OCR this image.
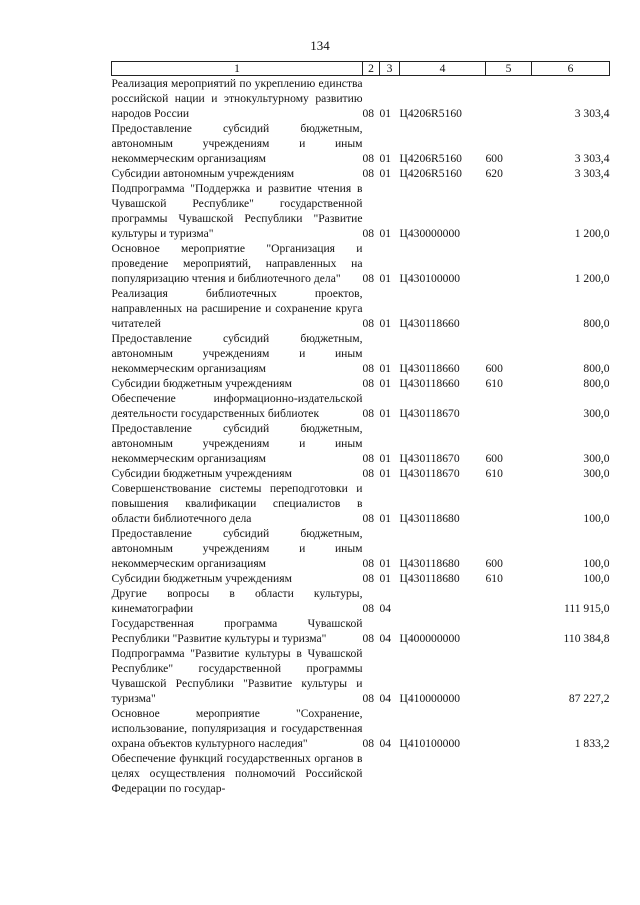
134
1	2	3	4	5	6
Реализация мероприятий по укреплению единства российской нации и этнокультурному развитию народов России	08	01	Ц4206R5160		3 303,4
Предоставление субсидий бюджетным, автономным учреждениям и иным некоммерческим организациям	08	01	Ц4206R5160	600	3 303,4
Субсидии автономным учреждениям	08	01	Ц4206R5160	620	3 303,4
Подпрограмма "Поддержка и развитие чтения в Чувашской Республике" государственной программы Чувашской Республики "Развитие культуры и туризма"	08	01	Ц430000000		1 200,0
Основное мероприятие "Организация и проведение мероприятий, направленных на популяризацию чтения и библиотечного дела"	08	01	Ц430100000		1 200,0
Реализация библиотечных проектов, направленных на расширение и сохранение круга читателей	08	01	Ц430118660		800,0
Предоставление субсидий бюджетным, автономным учреждениям и иным некоммерческим организациям	08	01	Ц430118660	600	800,0
Субсидии бюджетным учреждениям	08	01	Ц430118660	610	800,0
Обеспечение информационно-издательской деятельности государственных библиотек	08	01	Ц430118670		300,0
Предоставление субсидий бюджетным, автономным учреждениям и иным некоммерческим организациям	08	01	Ц430118670	600	300,0
Субсидии бюджетным учреждениям	08	01	Ц430118670	610	300,0
Совершенствование системы переподготовки и повышения квалификации специалистов в области библиотечного дела	08	01	Ц430118680		100,0
Предоставление субсидий бюджетным, автономным учреждениям и иным некоммерческим организациям	08	01	Ц430118680	600	100,0
Субсидии бюджетным учреждениям	08	01	Ц430118680	610	100,0
Другие вопросы в области культуры, кинематографии	08	04			111 915,0
Государственная программа Чувашской Республики "Развитие культуры и туризма"	08	04	Ц400000000		110 384,8
Подпрограмма "Развитие культуры в Чувашской Республике" государственной программы Чувашской Республики "Развитие культуры и туризма"	08	04	Ц410000000		87 227,2
Основное мероприятие "Сохранение, использование, популяризация и государственная охрана объектов культурного наследия"	08	04	Ц410100000		1 833,2
Обеспечение функций государственных органов в целях осуществления полномочий Российской Федерации по государ-					
